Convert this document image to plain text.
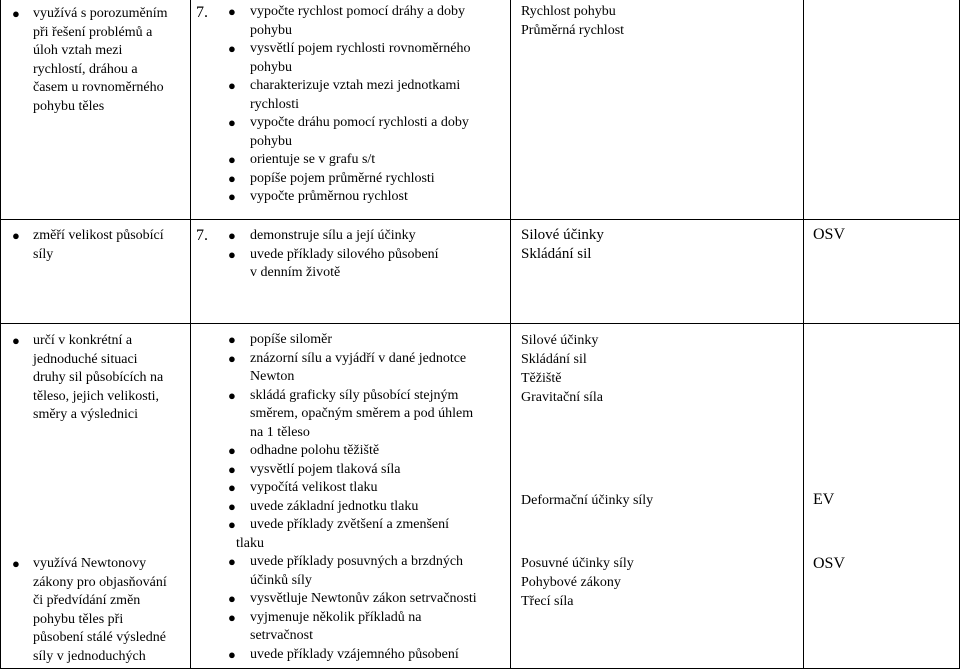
● využívá s porozuměním
při řešení problémů a
úloh vztah mezi
rychlostí, dráhou a
časem u rovnoměrného
pohybu těles
7. ● vypočte rychlost pomocí dráhy a doby
pohybu
● vysvětlí pojem rychlosti rovnoměrného
pohybu
● charakterizuje vztah mezi jednotkami
rychlosti
● vypočte dráhu pomocí rychlosti a doby
pohybu
● orientuje se v grafu s/t
● popíše pojem průměrné rychlosti
● vypočte průměrnou rychlost
Rychlost pohybu
Průměrná rychlost
● změří velikost působící
síly
7. ● demonstruje sílu a její účinky
● uvede příklady silového působení
v denním životě
Silové účinky
Skládání sil
OSV
● určí v konkrétní a
jednoduché situaci
druhy sil působících na
těleso, jejich velikosti,
směry a výslednici
● využívá Newtonovy
zákony pro objasňování
či předvídání změn
pohybu těles při
působení stálé výsledné
síly v jednoduchých
● popíše siloměr
● znázorní sílu a vyjádří v dané jednotce
Newton
● skládá graficky síly působící stejným
směrem, opačným směrem a pod úhlem
na 1 těleso
● odhadne polohu těžiště
● vysvětlí pojem tlaková síla
● vypočítá velikost tlaku
● uvede základní jednotku tlaku
● uvede příklady zvětšení a zmenšení
tlaku
● uvede příklady posuvných a brzdných
účinků síly
● vysvětluje Newtonův zákon setrvačnosti
● vyjmenuje několik příkladů na
setrvačnost
● uvede příklady vzájemného působení
Silové účinky
Skládání sil
Těžiště
Gravitační síla
Deformační účinky síly	EV
Posuvné účinky síly
Pohybové zákony
Třecí síla
OSV
